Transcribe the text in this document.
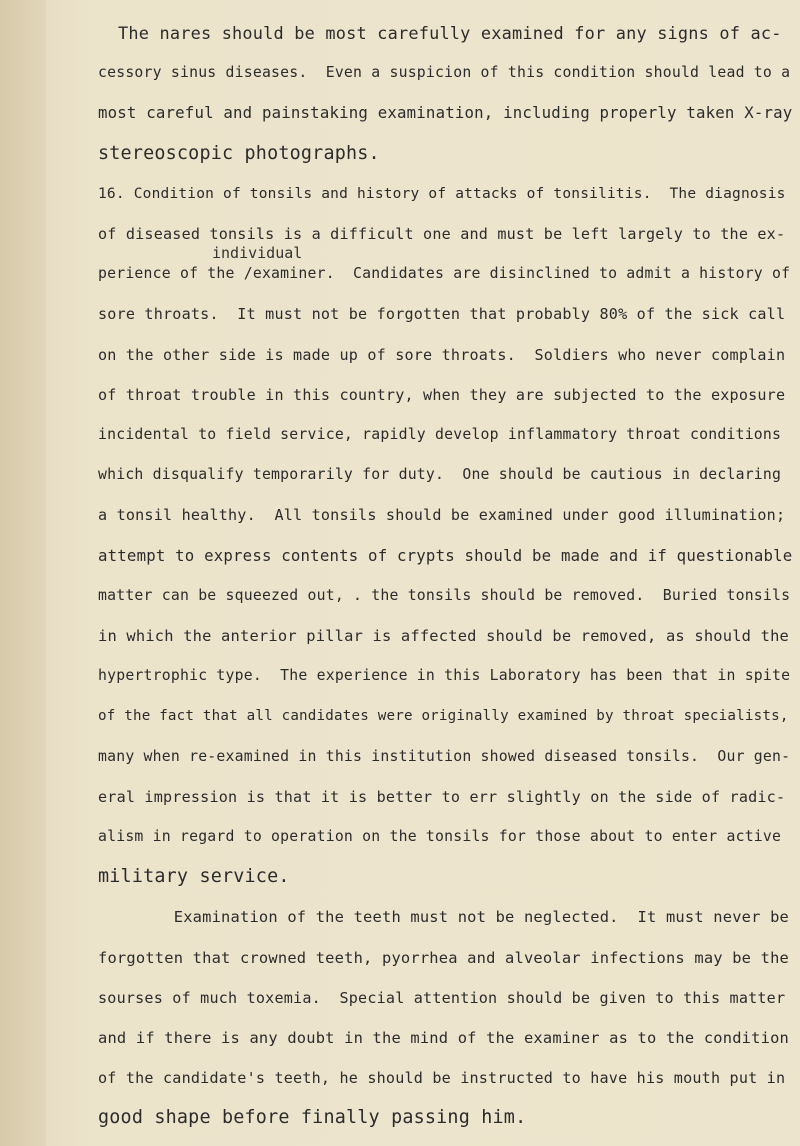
The nares should be most carefully examined for any signs of ac-
cessory sinus diseases.  Even a suspicion of this condition should lead to a
most careful and painstaking examination, including properly taken X-ray
stereoscopic photographs.
16. Condition of tonsils and history of attacks of tonsilitis.  The diagnosis
of diseased tonsils is a difficult one and must be left largely to the ex-
perience of the /examiner.  Candidates are disinclined to admit a history of
sore throats.  It must not be forgotten that probably 80% of the sick call
on the other side is made up of sore throats.  Soldiers who never complain
of throat trouble in this country, when they are subjected to the exposure
incidental to field service, rapidly develop inflammatory throat conditions
which disqualify temporarily for duty.  One should be cautious in declaring
a tonsil healthy.  All tonsils should be examined under good illumination;
attempt to express contents of crypts should be made and if questionable
matter can be squeezed out, . the tonsils should be removed.  Buried tonsils
in which the anterior pillar is affected should be removed, as should the
hypertrophic type.  The experience in this Laboratory has been that in spite
of the fact that all candidates were originally examined by throat specialists,
many when re-examined in this institution showed diseased tonsils.  Our gen-
eral impression is that it is better to err slightly on the side of radic-
alism in regard to operation on the tonsils for those about to enter active
military service.
Examination of the teeth must not be neglected.  It must never be
forgotten that crowned teeth, pyorrhea and alveolar infections may be the
sourses of much toxemia.  Special attention should be given to this matter
and if there is any doubt in the mind of the examiner as to the condition
of the candidate's teeth, he should be instructed to have his mouth put in
good shape before finally passing him.
individual
